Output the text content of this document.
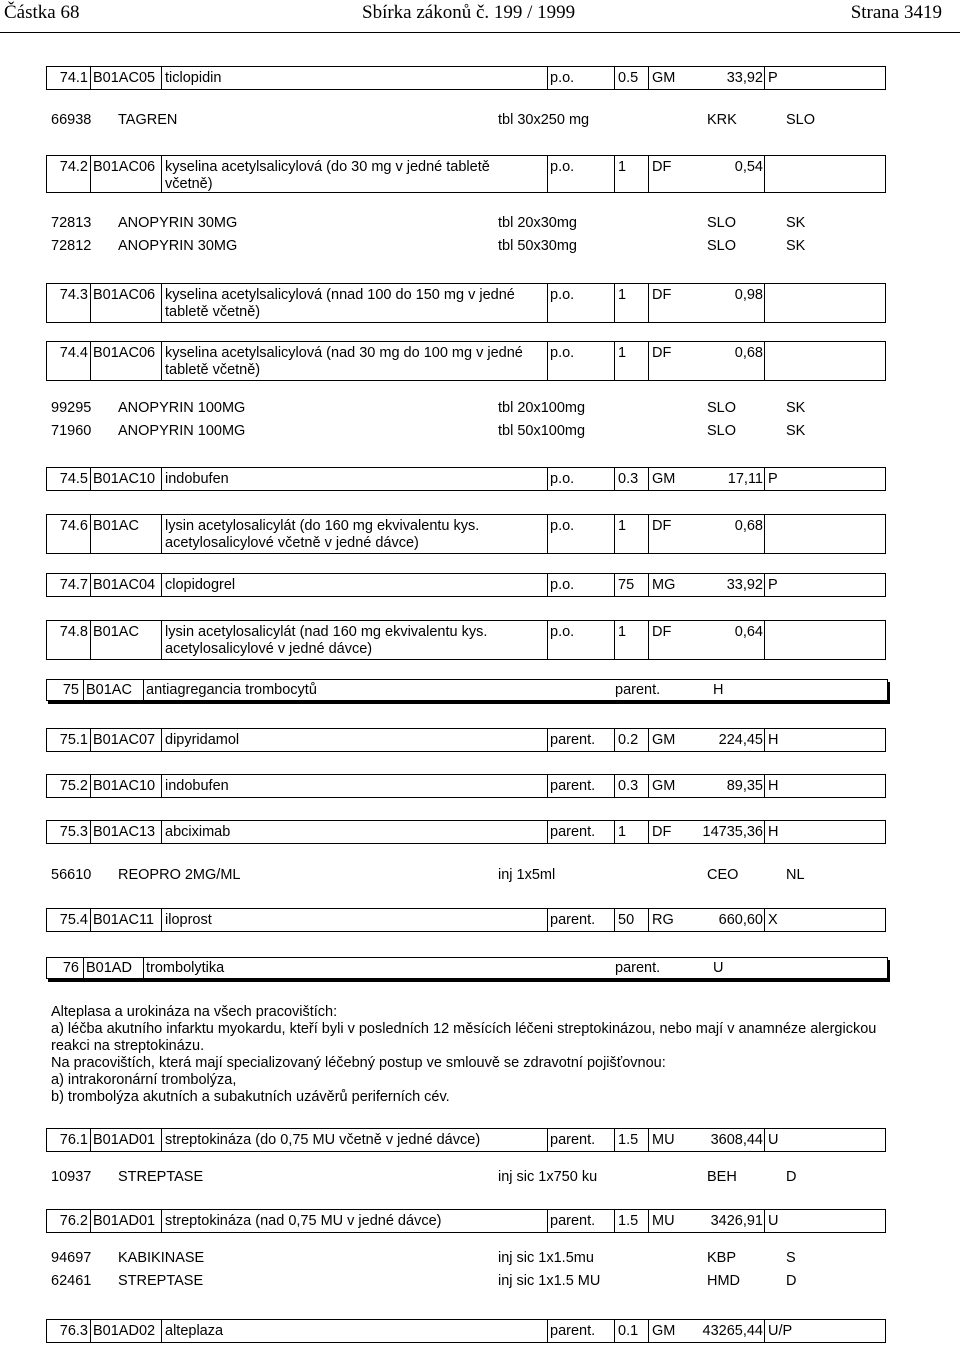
Částka 68	Sbírka zákonů č. 199 / 1999	Strana 3419
74.1 B01AC05 ticlopidin	p.o.	0.5 GM	33,92 P
66938 TAGREN	tbl 30x250 mg	KRK	SLO
74.2 B01AC06 kyselina acetylsalicylová (do 30 mg v jedné tabletě
včetně)
p.o.	1 DF	0,54
72813 ANOPYRIN 30MG	tbl 20x30mg	SLO	SK
72812 ANOPYRIN 30MG	tbl 50x30mg	SLO	SK
74.3 B01AC06 kyselina acetylsalicylová (nnad 100 do 150 mg v jedné
tabletě včetně)
p.o.	1 DF	0,98
74.4 B01AC06 kyselina acetylsalicylová (nad 30 mg do 100 mg v jedné
tabletě včetně)
p.o.	1 DF	0,68
99295 ANOPYRIN 100MG	tbl 20x100mg	SLO	SK
71960 ANOPYRIN 100MG	tbl 50x100mg	SLO	SK
74.5 B01AC10 indobufen	p.o.	0.3 GM	17,11 P
74.6 B01AC lysin acetylosalicylát (do 160 mg ekvivalentu kys.
acetylosalicylové včetně v jedné dávce)
p.o.	1 DF	0,68
74.7 B01AC04 clopidogrel	p.o.	75 MG	33,92 P
74.8 B01AC lysin acetylosalicylát (nad 160 mg ekvivalentu kys.
acetylosalicylové v jedné dávce)
p.o.	1 DF	0,64
75 B01AC antiagregancia trombocytů	parent.	H
75.1 B01AC07 dipyridamol	parent. 0.2 GM	224,45 H
75.2 B01AC10 indobufen	parent. 0.3 GM	89,35 H
75.3 B01AC13 abciximab	parent. 1 DF 14735,36 H
56610 REOPRO 2MG/ML	inj 1x5ml	CEO	NL
75.4 B01AC11 iloprost	parent. 50 RG	660,60 X
76 B01AD trombolytika	parent.	U
76.1 B01AD01 streptokináza (do 0,75 MU včetně v jedné dávce)	parent. 1.5 MU 3608,44 U
10937 STREPTASE	inj sic 1x750 ku	BEH	D
76.2 B01AD01 streptokináza (nad 0,75 MU v jedné dávce)	parent. 1.5 MU 3426,91 U
94697 KABIKINASE	inj sic 1x1.5mu	KBP	S
62461 STREPTASE	inj sic 1x1.5 MU	HMD	D
76.3 B01AD02 alteplaza	parent. 0.1 GM 43265,44 U/P
Alteplasa a urokináza na všech pracovištích:
a) léčba akutního infarktu myokardu, kteří byli v posledních 12 měsících léčeni streptokinázou, nebo mají v anamnéze alergickou
reakci na streptokinázu.
Na pracovištích, která mají specializovaný léčebný postup ve smlouvě se zdravotní pojišťovnou:
a) intrakoronární trombolýza,
b) trombolýza akutních a subakutních uzávěrů periferních cév.
